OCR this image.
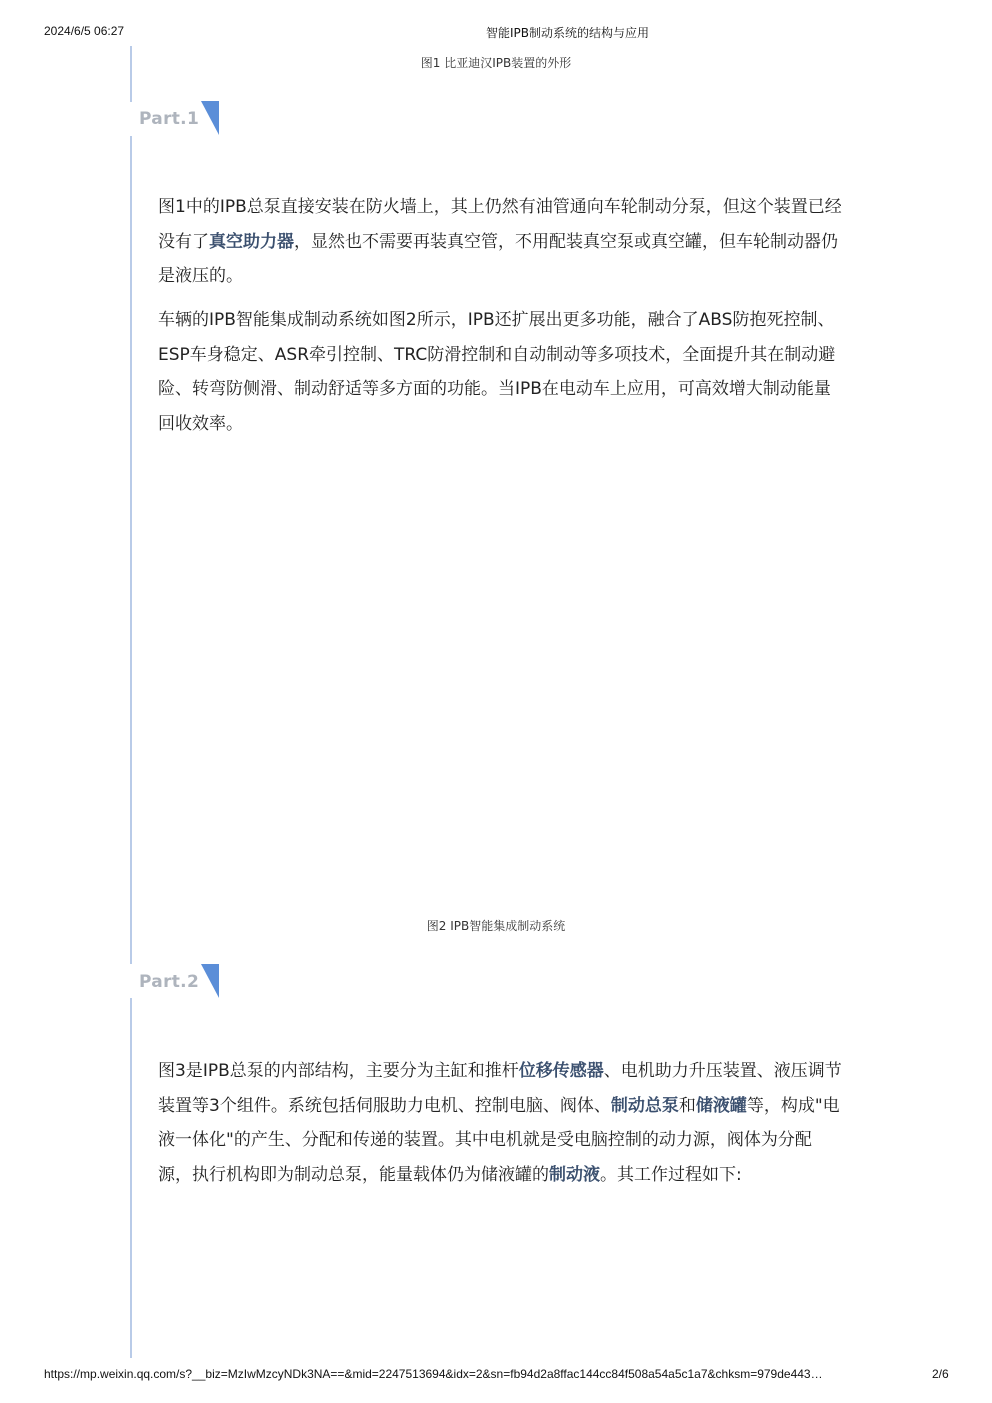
2024/6/5 06:27	智能IPB制动系统的结构与应用
图1 比亚迪汉IPB装置的外形
Part.1

图1中的IPB总泵直接安装在防火墙上，其上仍然有油管通向车轮制动分泵，但这个装置已经没有了真空助力器，显然也不需要再装真空管，不用配装真空泵或真空罐，但车轮制动器仍是液压的。

车辆的IPB智能集成制动系统如图2所示，IPB还扩展出更多功能，融合了ABS防抱死控制、ESP车身稳定、ASR牵引控制、TRC防滑控制和自动制动等多项技术，全面提升其在制动避险、转弯防侧滑、制动舒适等多方面的功能。当IPB在电动车上应用，可高效增大制动能量回收效率。

图2 IPB智能集成制动系统
Part.2

图3是IPB总泵的内部结构，主要分为主缸和推杆位移传感器、电机助力升压装置、液压调节装置等3个组件。系统包括伺服助力电机、控制电脑、阀体、制动总泵和储液罐等，构成"电液一体化"的产生、分配和传递的装置。其中电机就是受电脑控制的动力源，阀体为分配源，执行机构即为制动总泵，能量载体仍为储液罐的制动液。其工作过程如下:

https://mp.weixin.qq.com/s?__biz=MzIwMzcyNDk3NA==&mid=2247513694&idx=2&sn=fb94d2a8ffac144cc84f508a54a5c1a7&chksm=979de443…	2/6
